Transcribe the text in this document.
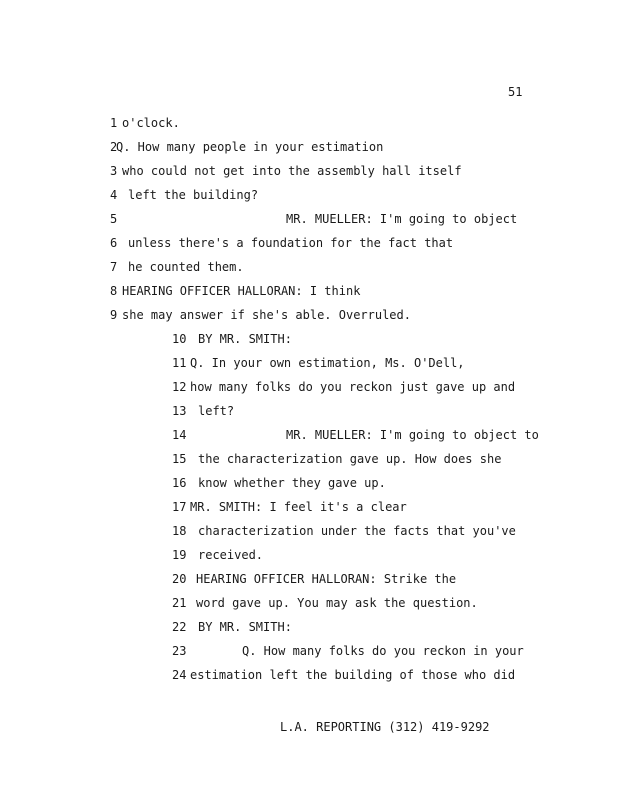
51
1 o'clock.
2
Q. How many people in your estimation
3 who could not get into the assembly hall itself
4 left the building?
5	MR. MUELLER: I'm going to object
6 unless there's a foundation for the fact that
7 he counted them.
8 HEARING OFFICER HALLORAN: I think
9 she may answer if she's able. Overruled.
10 BY MR. SMITH:
11 Q. In your own estimation, Ms. O'Dell,
12 how many folks do you reckon just gave up and
13 left?
14	MR. MUELLER: I'm going to object to
15 the characterization gave up. How does she
16 know whether they gave up.
17 MR. SMITH: I feel it's a clear
18 characterization under the facts that you've
19 received.
20 HEARING OFFICER HALLORAN: Strike the
21 word gave up. You may ask the question.
22 BY MR. SMITH:
23	Q. How many folks do you reckon in your
24 estimation left the building of those who did
L.A. REPORTING (312) 419-9292
